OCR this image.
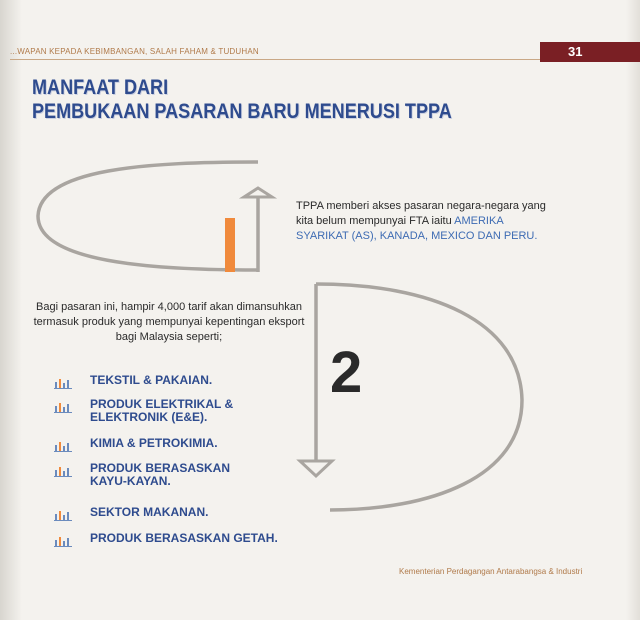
...WAPAN KEPADA KEBIMBANGAN, SALAH FAHAM & TUDUHAN	31
MANFAAT DARI
PEMBUKAAN PASARAN BARU MENERUSI TPPA
2
TPPA memberi akses pasaran negara-negara yang kita belum mempunyai FTA iaitu AMERIKA SYARIKAT (AS), KANADA, MEXICO DAN PERU.
Bagi pasaran ini, hampir 4,000 tarif akan dimansuhkan termasuk produk yang mempunyai kepentingan eksport bagi Malaysia seperti;
TEKSTIL & PAKAIAN.
PRODUK ELEKTRIKAL &
ELEKTRONIK (E&E).
KIMIA & PETROKIMIA.
PRODUK BERASASKAN
KAYU-KAYAN.
SEKTOR MAKANAN.
PRODUK BERASASKAN GETAH.
Kementerian Perdagangan Antarabangsa & Industri
